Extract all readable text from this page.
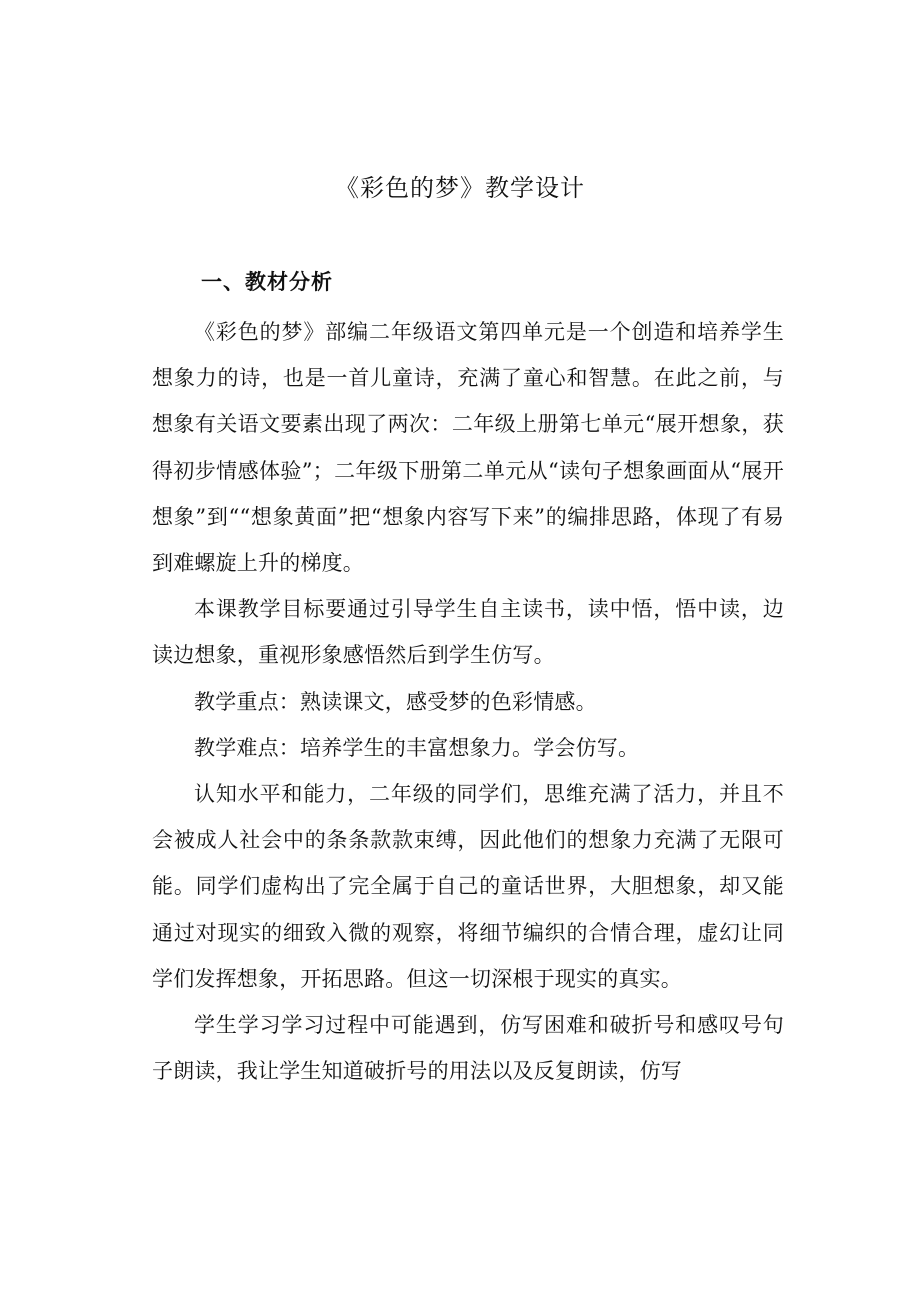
《彩色的梦》教学设计
一、教材分析

《彩色的梦》部编二年级语文第四单元是一个创造和培养学生想象力的诗，也是一首儿童诗，充满了童心和智慧。在此之前，与想象有关语文要素出现了两次：二年级上册第七单元“展开想象，获得初步情感体验”；二年级下册第二单元从“读句子想象画面从“展开想象”到““想象黄面”把“想象内容写下来”的编排思路，体现了有易到难螺旋上升的梯度。

本课教学目标要通过引导学生自主读书，读中悟，悟中读，边读边想象，重视形象感悟然后到学生仿写。

教学重点：熟读课文，感受梦的色彩情感。

教学难点：培养学生的丰富想象力。学会仿写。

认知水平和能力，二年级的同学们，思维充满了活力，并且不会被成人社会中的条条款款束缚，因此他们的想象力充满了无限可能。同学们虚构出了完全属于自己的童话世界，大胆想象，却又能通过对现实的细致入微的观察，将细节编织的合情合理，虚幻让同学们发挥想象，开拓思路。但这一切深根于现实的真实。

学生学习学习过程中可能遇到，仿写困难和破折号和感叹号句子朗读，我让学生知道破折号的用法以及反复朗读，仿写
